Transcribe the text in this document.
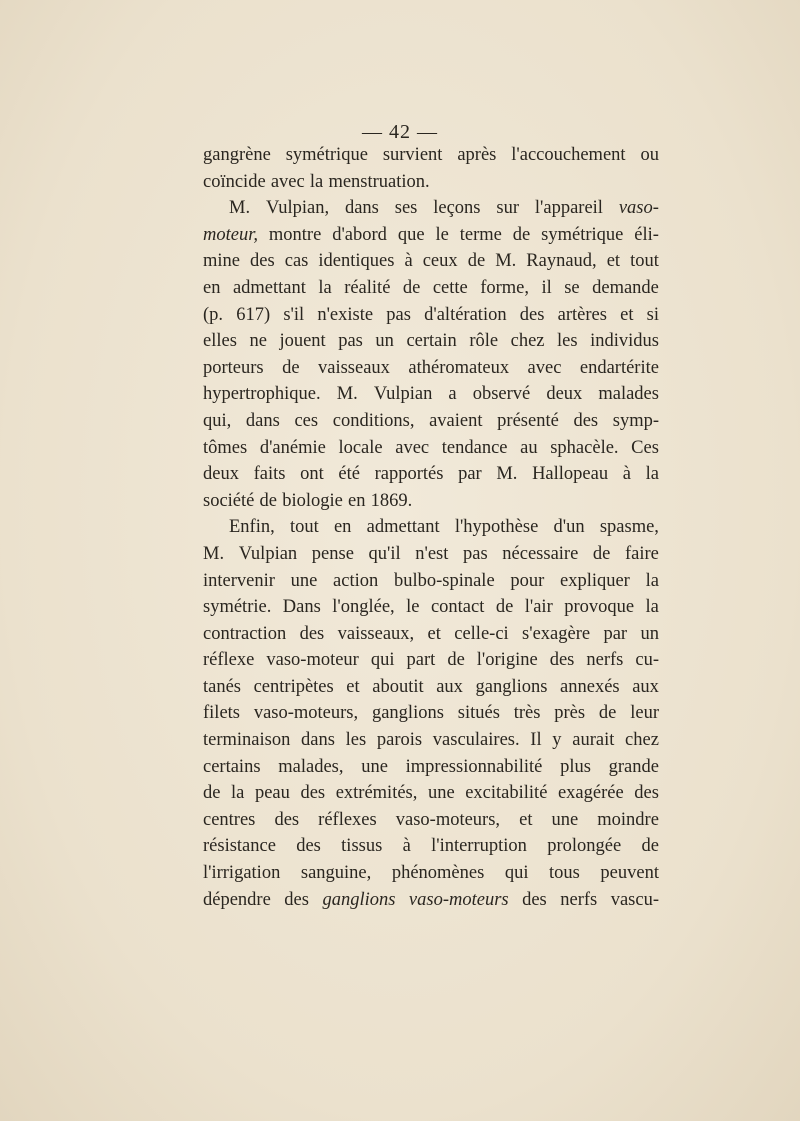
— 42 —
gangrène symétrique survient après l'accouchement ou
coïncide avec la menstruation.
M. Vulpian, dans ses leçons sur l'appareil vaso-
moteur, montre d'abord que le terme de symétrique éli-
mine des cas identiques à ceux de M. Raynaud, et tout
en admettant la réalité de cette forme, il se demande
(p. 617) s'il n'existe pas d'altération des artères et si
elles ne jouent pas un certain rôle chez les individus
porteurs de vaisseaux athéromateux avec endartérite
hypertrophique. M. Vulpian a observé deux malades
qui, dans ces conditions, avaient présenté des symp-
tômes d'anémie locale avec tendance au sphacèle. Ces
deux faits ont été rapportés par M. Hallopeau à la
société de biologie en 1869.
Enfin, tout en admettant l'hypothèse d'un spasme,
M. Vulpian pense qu'il n'est pas nécessaire de faire
intervenir une action bulbo-spinale pour expliquer la
symétrie. Dans l'onglée, le contact de l'air provoque la
contraction des vaisseaux, et celle-ci s'exagère par un
réflexe vaso-moteur qui part de l'origine des nerfs cu-
tanés centripètes et aboutit aux ganglions annexés aux
filets vaso-moteurs, ganglions situés très près de leur
terminaison dans les parois vasculaires. Il y aurait chez
certains malades, une impressionnabilité plus grande
de la peau des extrémités, une excitabilité exagérée des
centres des réflexes vaso-moteurs, et une moindre
résistance des tissus à l'interruption prolongée de
l'irrigation sanguine, phénomènes qui tous peuvent
dépendre des ganglions vaso-moteurs des nerfs vascu-
